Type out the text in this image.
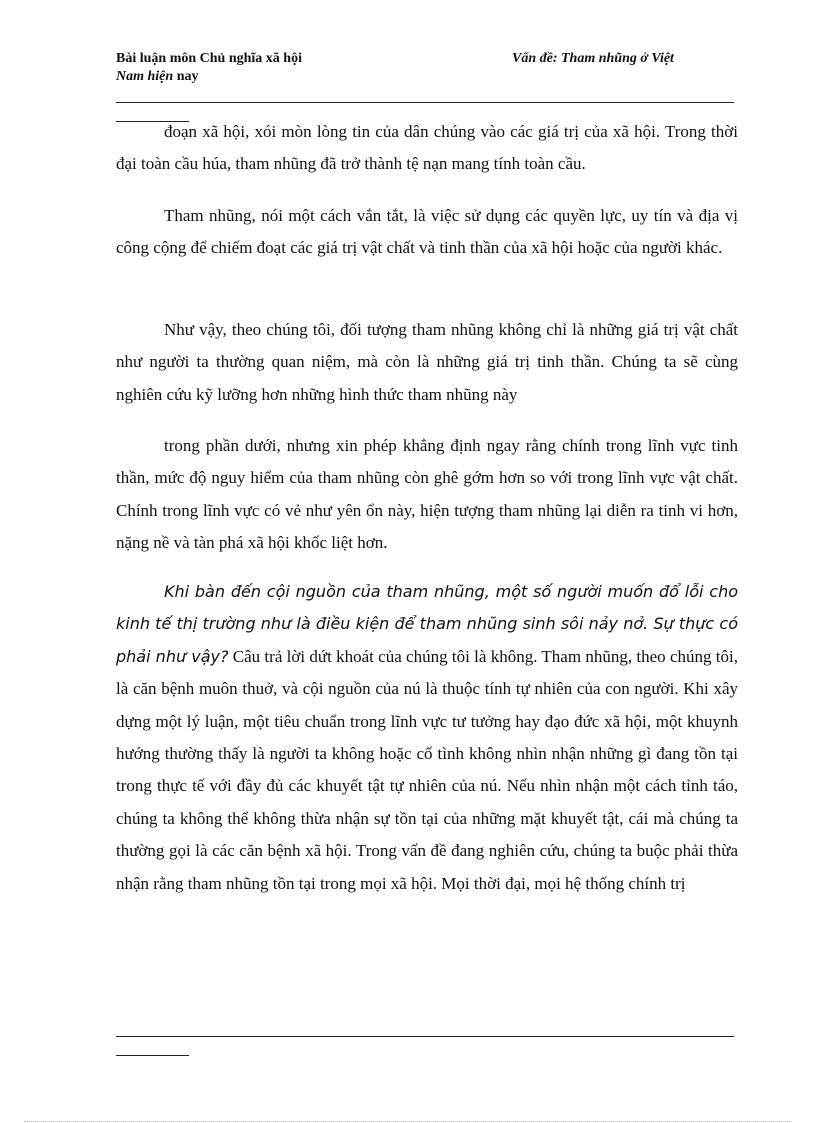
Bài luận môn Chủ nghĩa xã hội
Nam hiện nay
Vấn đề: Tham nhũng ở Việt

đoạn xã hội, xói mòn lòng tin của dân chúng vào các giá trị của xã hội. Trong thời đại toàn cầu húa, tham nhũng đã trở thành tệ nạn mang tính toàn cầu.

Tham nhũng, nói một cách vắn tắt, là việc sử dụng các quyền lực, uy tín và địa vị công cộng để chiếm đoạt các giá trị vật chất và tinh thần của xã hội hoặc của người khác.

Như vậy, theo chúng tôi, đối tượng tham nhũng không chỉ là những giá trị vật chất như người ta thường quan niệm, mà còn là những giá trị tinh thần. Chúng ta sẽ cùng nghiên cứu kỹ lưỡng hơn những hình thức tham nhũng này

trong phần dưới, nhưng xin phép khẳng định ngay rằng chính trong lĩnh vực tinh thần, mức độ nguy hiểm của tham nhũng còn ghê gớm hơn so với trong lĩnh vực vật chất. Chính trong lĩnh vực có vẻ như yên ổn này, hiện tượng tham nhũng lại diễn ra tinh vi hơn, nặng nề và tàn phá xã hội khốc liệt hơn.

Khi bàn đến cội nguồn của tham nhũng, một số người muốn đổ lỗi cho kinh tế thị trường như là điều kiện để tham nhũng sinh sôi nảy nở. Sự thực có phải như vậy? Câu trả lời dứt khoát của chúng tôi là không. Tham nhũng, theo chúng tôi, là căn bệnh muôn thuở, và cội nguồn của nú là thuộc tính tự nhiên của con người. Khi xây dựng một lý luận, một tiêu chuẩn trong lĩnh vực tư tưởng hay đạo đức xã hội, một khuynh hướng thường thấy là người ta không hoặc cố tình không nhìn nhận những gì đang tồn tại trong thực tế với đầy đủ các khuyết tật tự nhiên của nú. Nếu nhìn nhận một cách tỉnh táo, chúng ta không thể không thừa nhận sự tồn tại của những mặt khuyết tật, cái mà chúng ta thường gọi là các căn bệnh xã hội. Trong vấn đề đang nghiên cứu, chúng ta buộc phải thừa nhận rằng tham nhũng tồn tại trong mọi xã hội. Mọi thời đại, mọi hệ thống chính trị
